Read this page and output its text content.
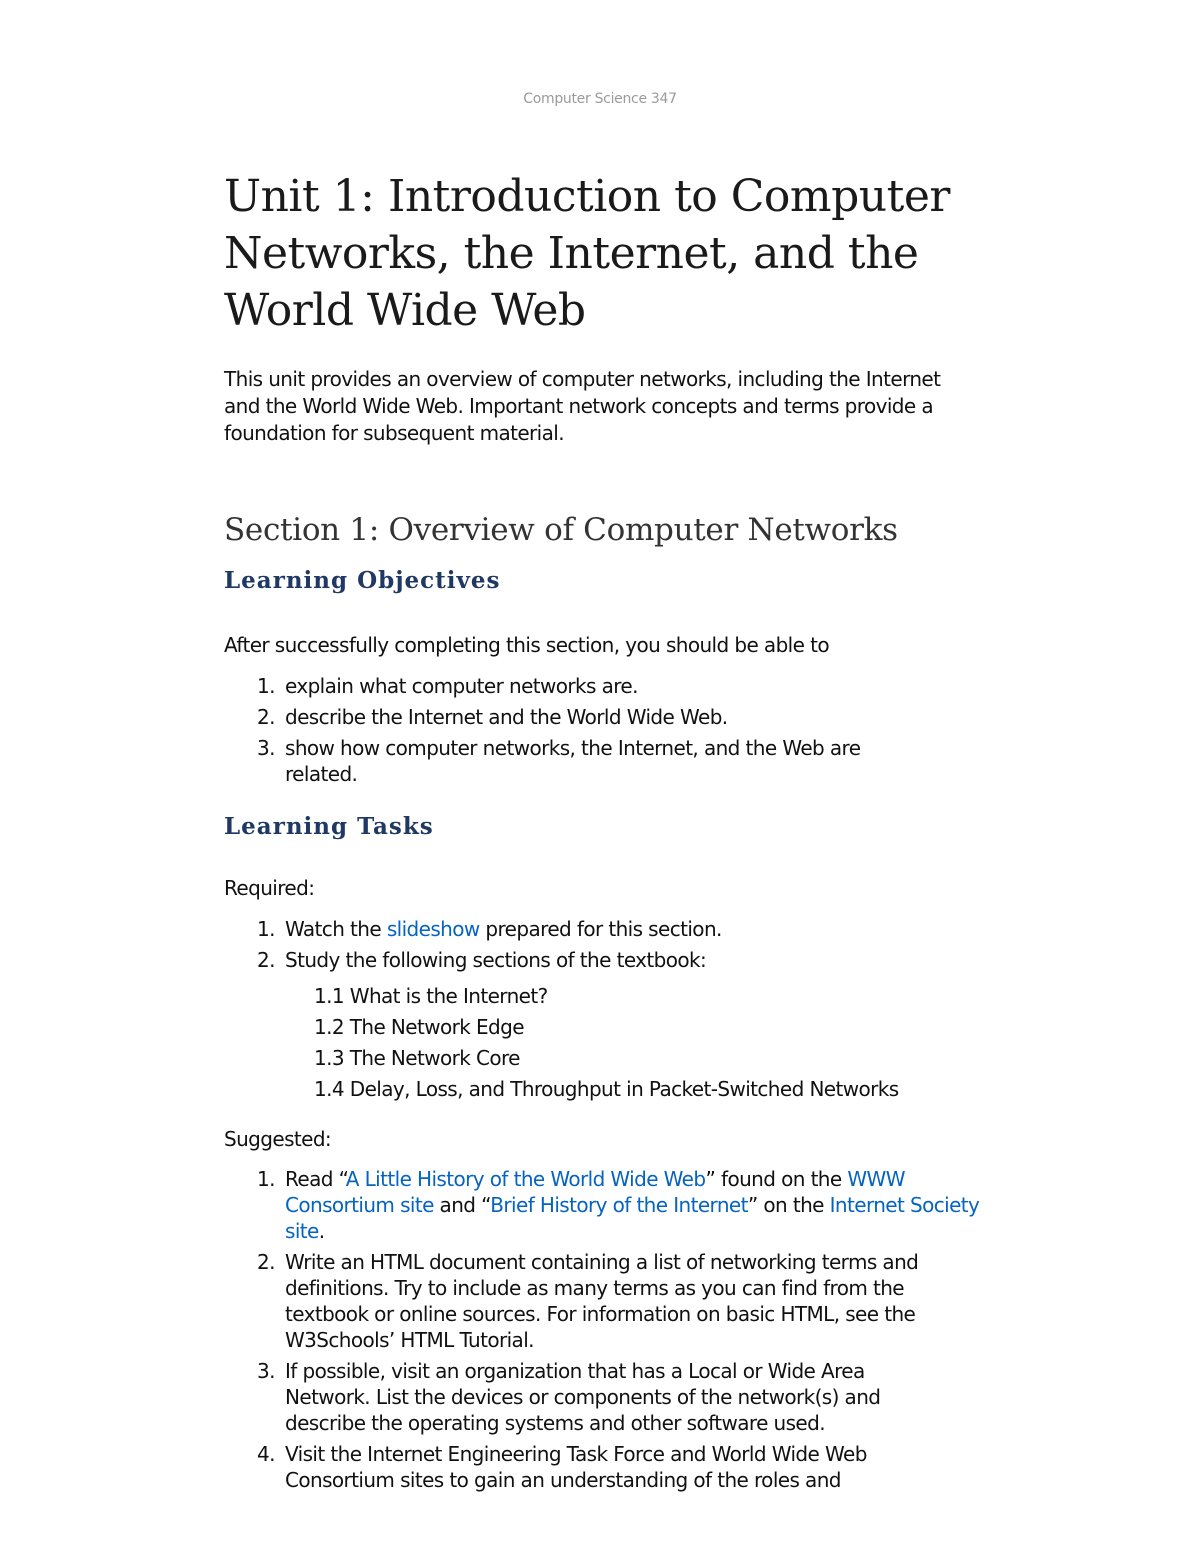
Computer Science 347
Unit 1: Introduction to Computer Networks, the Internet, and the World Wide Web

This unit provides an overview of computer networks, including the Internet and the World Wide Web. Important network concepts and terms provide a foundation for subsequent material.

Section 1: Overview of Computer Networks
Learning Objectives

After successfully completing this section, you should be able to

1. explain what computer networks are.
2. describe the Internet and the World Wide Web.
3. show how computer networks, the Internet, and the Web are related.
Learning Tasks

Required:

1. Watch the slideshow prepared for this section.
2. Study the following sections of the textbook:
1.1 What is the Internet?
1.2 The Network Edge
1.3 The Network Core
1.4 Delay, Loss, and Throughput in Packet-Switched Networks

Suggested:

1. Read “A Little History of the World Wide Web” found on the WWW Consortium site and “Brief History of the Internet” on the Internet Society site.
2. Write an HTML document containing a list of networking terms and definitions. Try to include as many terms as you can find from the textbook or online sources. For information on basic HTML, see the W3Schools’ HTML Tutorial.
3. If possible, visit an organization that has a Local or Wide Area Network. List the devices or components of the network(s) and describe the operating systems and other software used.
4. Visit the Internet Engineering Task Force and World Wide Web Consortium sites to gain an understanding of the roles and
